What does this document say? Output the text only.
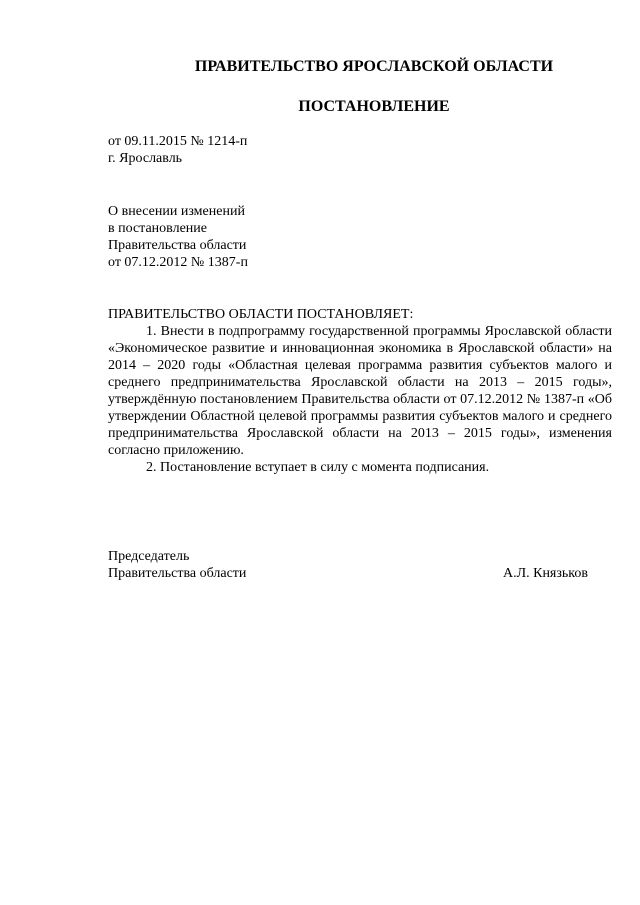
ПРАВИТЕЛЬСТВО ЯРОСЛАВСКОЙ ОБЛАСТИ
ПОСТАНОВЛЕНИЕ
от 09.11.2015 № 1214-п
г. Ярославль
О внесении изменений
в постановление
Правительства области
от 07.12.2012 № 1387-п
ПРАВИТЕЛЬСТВО ОБЛАСТИ ПОСТАНОВЛЯЕТ:

1. Внести в подпрограмму государственной программы Ярославской области «Экономическое развитие и инновационная экономика в Ярославской области» на 2014 – 2020 годы «Областная целевая программа развития субъектов малого и среднего предпринимательства Ярославской области на 2013 – 2015 годы», утверждённую постановлением Правительства области от 07.12.2012 № 1387-п «Об утверждении Областной целевой программы развития субъектов малого и среднего предпринимательства Ярославской области на 2013 – 2015 годы», изменения согласно приложению.

2. Постановление вступает в силу с момента подписания.

Председатель
Правительства области	А.Л. Князьков
